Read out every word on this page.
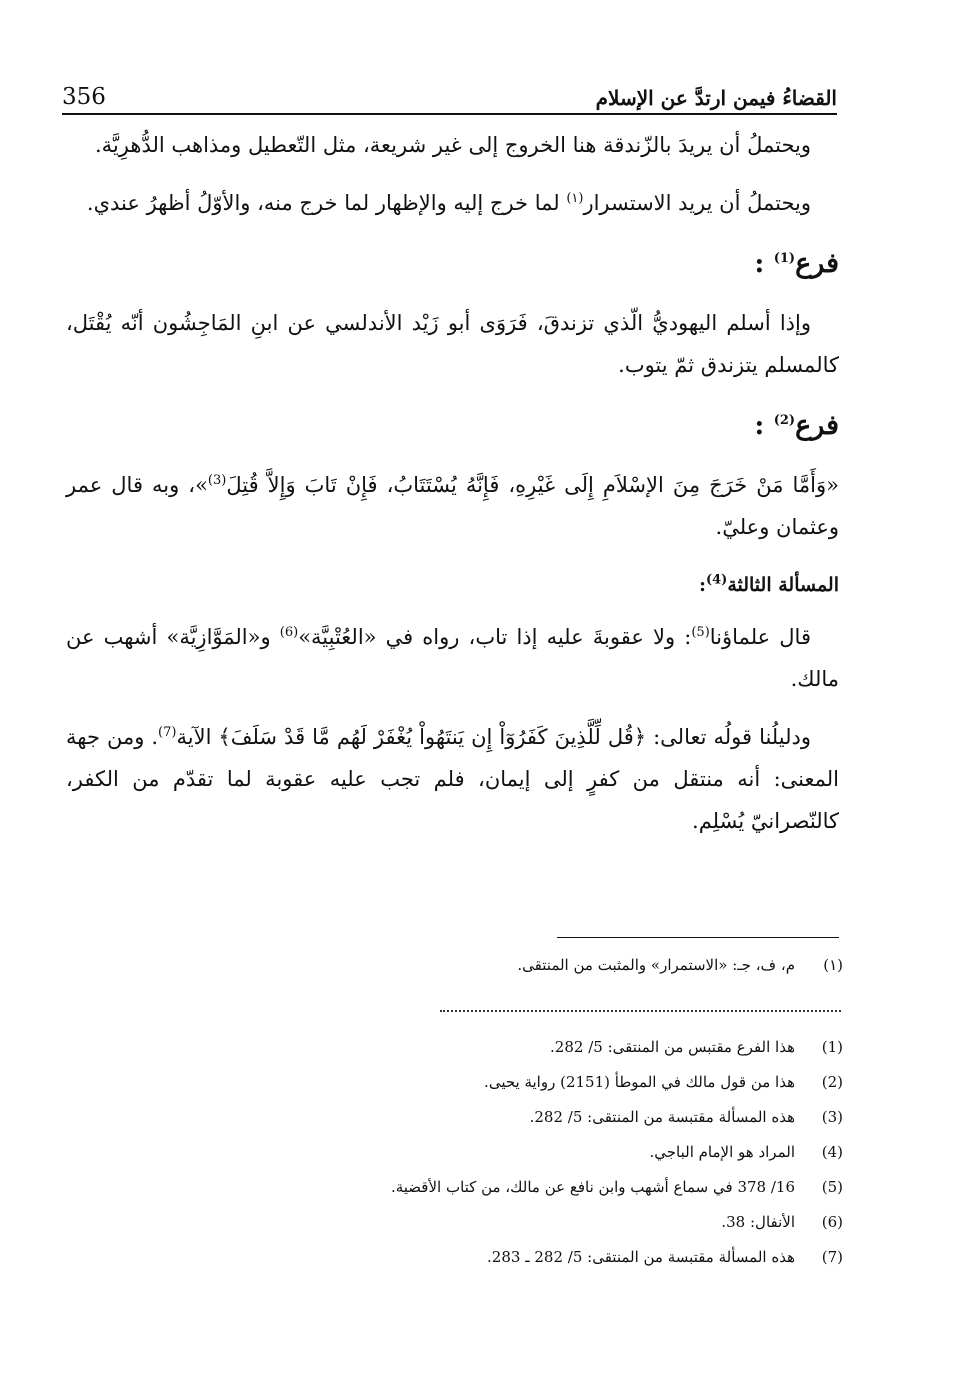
356	القضاءُ فيمن ارتدَّ عن الإسلام

ويحتملُ أن يريدَ بالزّندقة هنا الخروج إلى غير شريعة، مثل التّعطيل ومذاهب الدُّهرِيَّة.

ويحتملُ أن يريد الاستسرار$^{(١)}$ لما خرج إليه والإظهار لما خرج منه، والأوّلُ أظهرُ عندي.

فرع$^{(1)}$ :

وإذا أسلم اليهوديُّ الّذي تزندقَ، فَرَوَى أبو زَيْد الأندلسي عن ابنِ المَاجِشُون أنّه يُقْتَل، كالمسلم يتزندق ثمّ يتوب.

فرع$^{(2)}$ :

«وَأَمَّا مَنْ خَرَجَ مِنَ الإسْلاَمِ إِلَى غَيْرِهِ، فَإِنَّهُ يُسْتَتَابُ، فَإِنْ تَابَ وَإِلاَّ قُتِلَ$^{(3)}$»، وبه قال عمر وعثمان وعليّ.

المسألة الثالثة$^{(4)}$:

قال علماؤنا$^{(5)}$: ولا عقوبةَ عليه إذا تاب، رواه في «العُتْبِيَّة»$^{(6)}$ و«المَوَّازِيَّة» أشهب عن مالك.

ودليلُنا قولُه تعالى: ﴿قُل لِّلَّذِينَ كَفَرُوٓاْ إِن يَنتَهُواْ يُغْفَرْ لَهُم مَّا قَدْ سَلَفَ﴾ الآية$^{(7)}$. ومن جهة المعنى: أنه منتقل من كفرٍ إلى إيمان، فلم تجب عليه عقوبة لما تقدّم من الكفر، كالنّصرانيّ يُسْلِم.

(١)
م، ف، جـ: «الاستمرار» والمثبت من المنتقى.
(1)
هذا الفرع مقتبس من المنتقى: 5/ 282.
(2)
هذا من قول مالك في الموطأ (2151) رواية يحيى.
(3)
هذه المسألة مقتبسة من المنتقى: 5/ 282.
(4)
المراد هو الإمام الباجي.
(5)
16/ 378 في سماع أشهب وابن نافع عن مالك، من كتاب الأقضية.
(6)
الأنفال: 38.
(7)
هذه المسألة مقتبسة من المنتقى: 5/ 282 ـ 283.
